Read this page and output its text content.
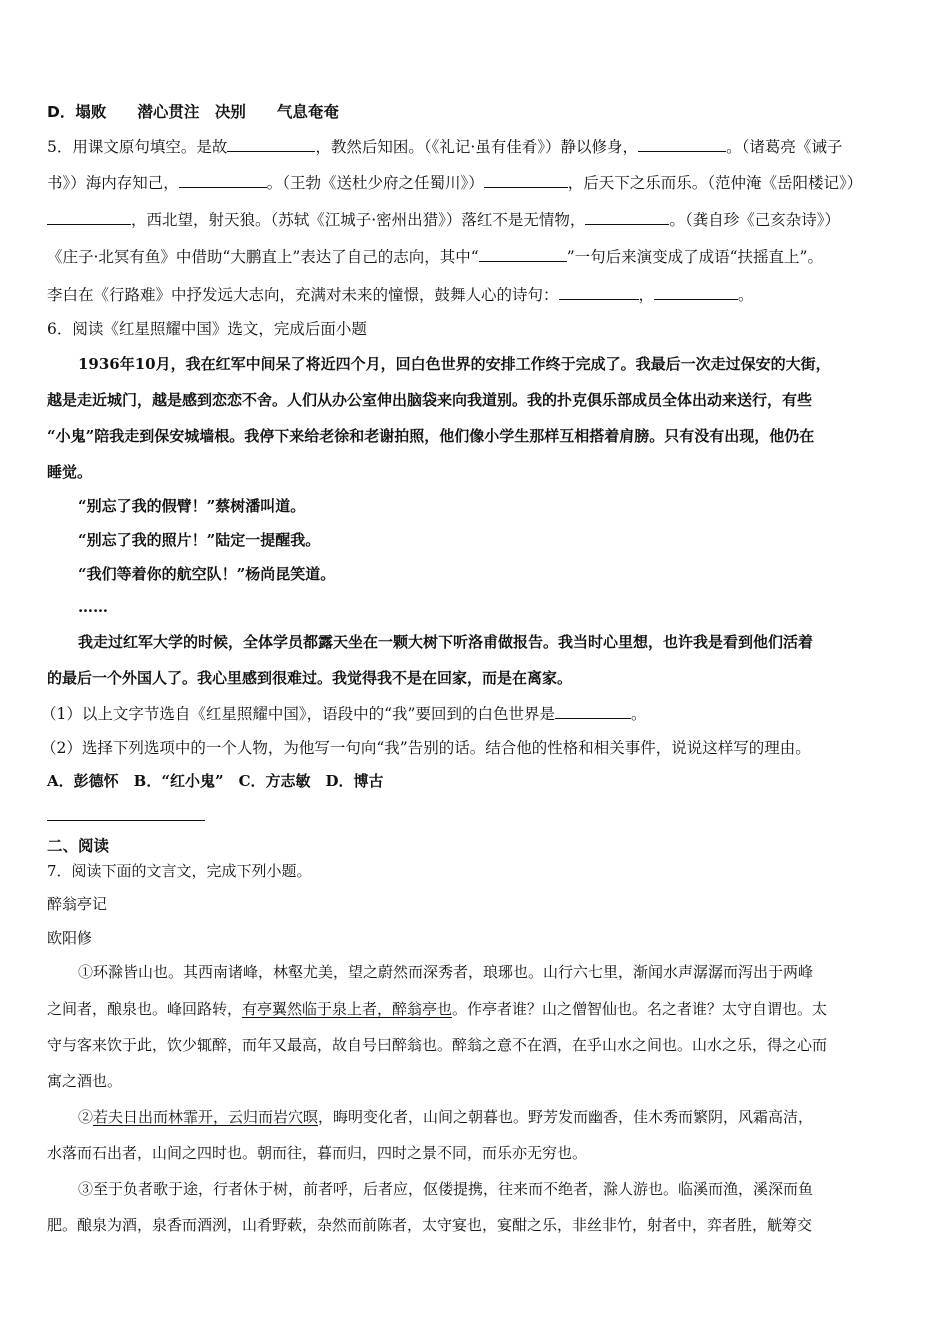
D．塌败　　潜心贯注　决别　　气息奄奄
5．用课文原句填空。是故	，教然后知困。（《礼记·虽有佳肴》）静以修身，	。（诸葛亮《诫子
书》）海内存知己，	。（王勃《送杜少府之任蜀川》）	，后天下之乐而乐。（范仲淹《岳阳楼记》）
，西北望，射天狼。（苏轼《江城子·密州出猎》）落红不是无情物，	。（龚自珍《己亥杂诗》）
《庄子·北冥有鱼》中借助“大鹏直上”表达了自己的志向，其中“	”一句后来演变成了成语“扶摇直上”。
李白在《行路难》中抒发远大志向，充满对未来的憧憬，鼓舞人心的诗句：	，	。
6．阅读《红星照耀中国》选文，完成后面小题
1936年10月，我在红军中间呆了将近四个月，回白色世界的安排工作终于完成了。我最后一次走过保安的大街，
越是走近城门，越是感到恋恋不舍。人们从办公室伸出脑袋来向我道别。我的扑克俱乐部成员全体出动来送行，有些
“小鬼”陪我走到保安城墙根。我停下来给老徐和老谢拍照，他们像小学生那样互相搭着肩膀。只有没有出现，他仍在
睡觉。
“别忘了我的假臂！”蔡树潘叫道。
“别忘了我的照片！”陆定一提醒我。
“我们等着你的航空队！”杨尚昆笑道。
……
我走过红军大学的时候，全体学员都露天坐在一颗大树下听洛甫做报告。我当时心里想，也许我是看到他们活着
的最后一个外国人了。我心里感到很难过。我觉得我不是在回家，而是在离家。
（1）以上文字节选自《红星照耀中国》，语段中的“我”要回到的白色世界是	。
（2）选择下列选项中的一个人物，为他写一句向“我”告别的话。结合他的性格和相关事件，说说这样写的理由。
A．彭德怀　B．“红小鬼”　C．方志敏　D．博古
二、阅读
7．阅读下面的文言文，完成下列小题。
醉翁亭记
欧阳修
①环滁皆山也。其西南诸峰，林壑尤美，望之蔚然而深秀者，琅琊也。山行六七里，渐闻水声潺潺而泻出于两峰
之间者，酿泉也。峰回路转，有亭翼然临于泉上者，醉翁亭也。作亭者谁？山之僧智仙也。名之者谁？太守自谓也。太
守与客来饮于此，饮少辄醉，而年又最高，故自号曰醉翁也。醉翁之意不在酒，在乎山水之间也。山水之乐，得之心而
寓之酒也。
②若夫日出而林霏开，云归而岩穴暝，晦明变化者，山间之朝暮也。野芳发而幽香，佳木秀而繁阴，风霜高洁，
水落而石出者，山间之四时也。朝而往，暮而归，四时之景不同，而乐亦无穷也。
③至于负者歌于途，行者休于树，前者呼，后者应，伛偻提携，往来而不绝者，滁人游也。临溪而渔，溪深而鱼
肥。酿泉为酒，泉香而酒洌，山肴野蔌，杂然而前陈者，太守宴也，宴酣之乐，非丝非竹，射者中，弈者胜，觥筹交
